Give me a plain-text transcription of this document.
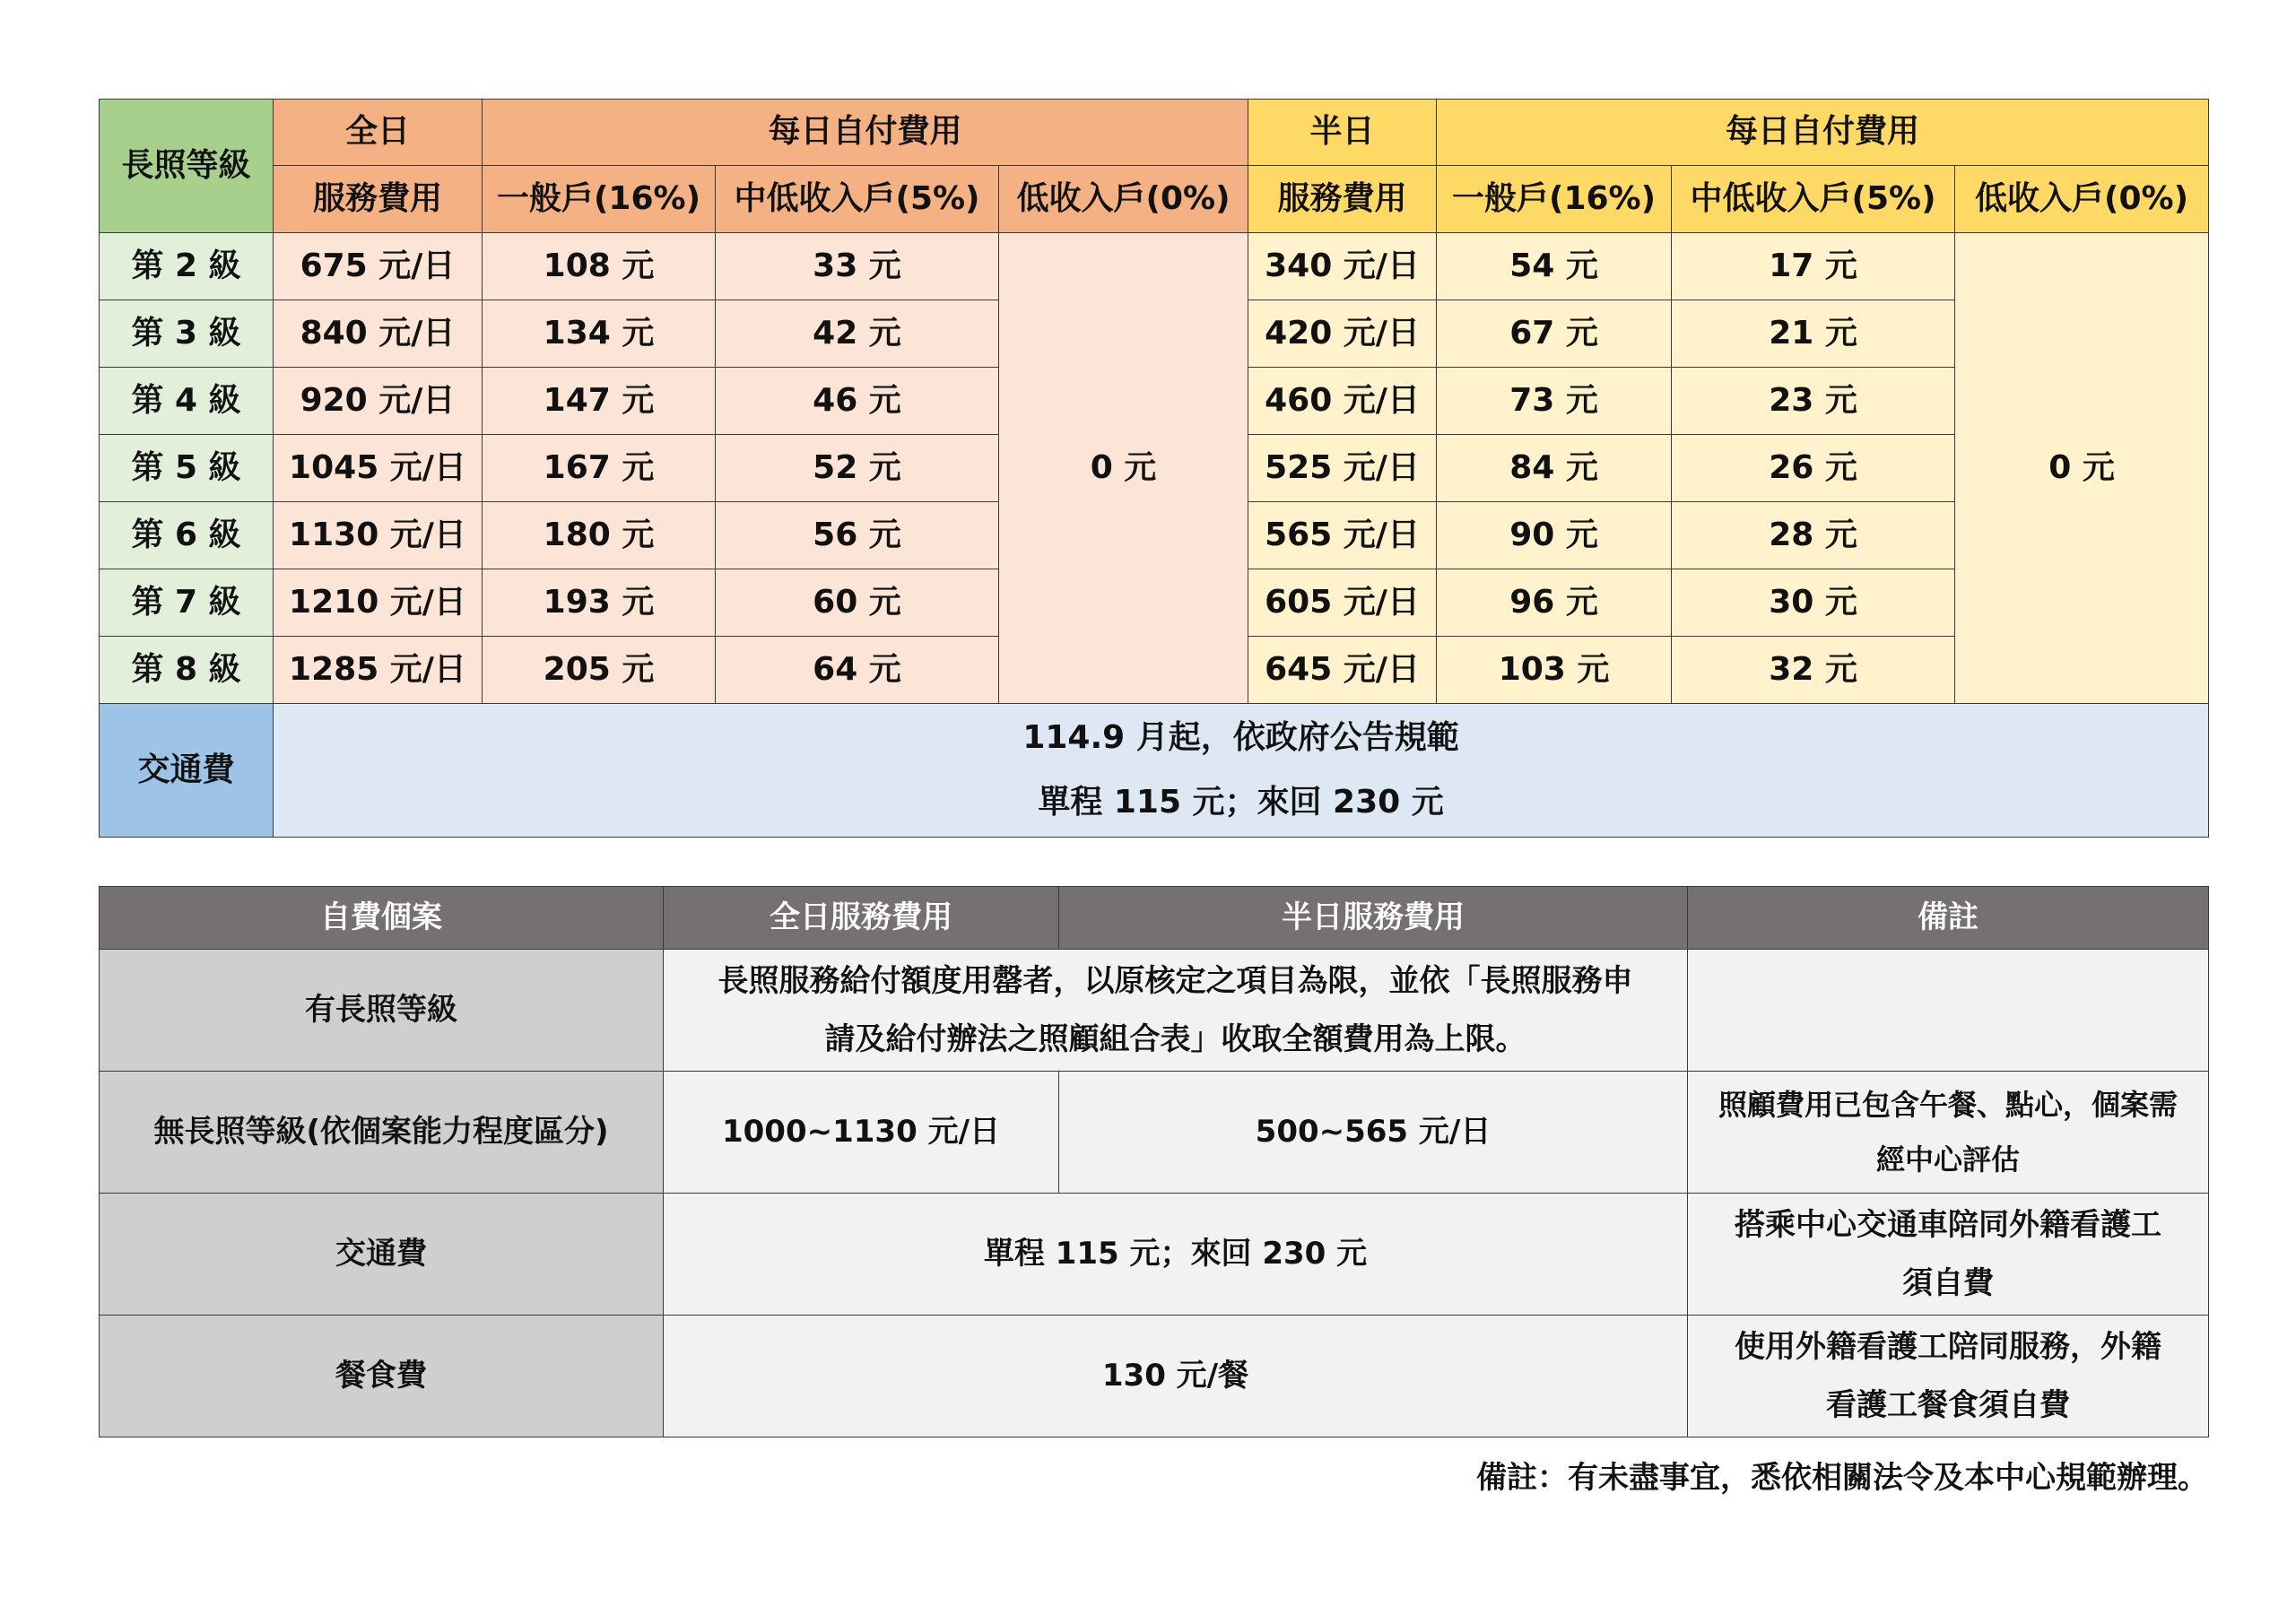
長照等級	全日	每日自付費用			半日	每日自付費用		
	服務費用	一般戶(16%)	中低收入戶(5%)	低收入戶(0%)	服務費用	一般戶(16%)	中低收入戶(5%)	低收入戶(0%)
第 2 級	675 元/日	108 元	33 元	0 元	340 元/日	54 元	17 元	0 元
第 3 級	840 元/日	134 元	42 元		420 元/日	67 元	21 元	
第 4 級	920 元/日	147 元	46 元		460 元/日	73 元	23 元	
第 5 級	1045 元/日	167 元	52 元		525 元/日	84 元	26 元	
第 6 級	1130 元/日	180 元	56 元		565 元/日	90 元	28 元	
第 7 級	1210 元/日	193 元	60 元		605 元/日	96 元	30 元	
第 8 級	1285 元/日	205 元	64 元		645 元/日	103 元	32 元	
交通費	114.9 月起，依政府公告規範
單程 115 元；來回 230 元							
自費個案	全日服務費用	半日服務費用	備註
有長照等級	長照服務給付額度用罄者，以原核定之項目為限，並依「長照服務申
請及給付辦法之照顧組合表」收取全額費用為上限。		

無長照等級(依個案能力程度區分)	1000~1130 元/日	500~565 元/日	照顧費用已包含午餐、點心，個案需
經中心評估

交通費	單程 115 元；來回 230 元		搭乘中心交通車陪同外籍看護工
須自費

餐食費	130 元/餐		使用外籍看護工陪同服務，外籍
看護工餐食須自費
備註：有未盡事宜，悉依相關法令及本中心規範辦理。
